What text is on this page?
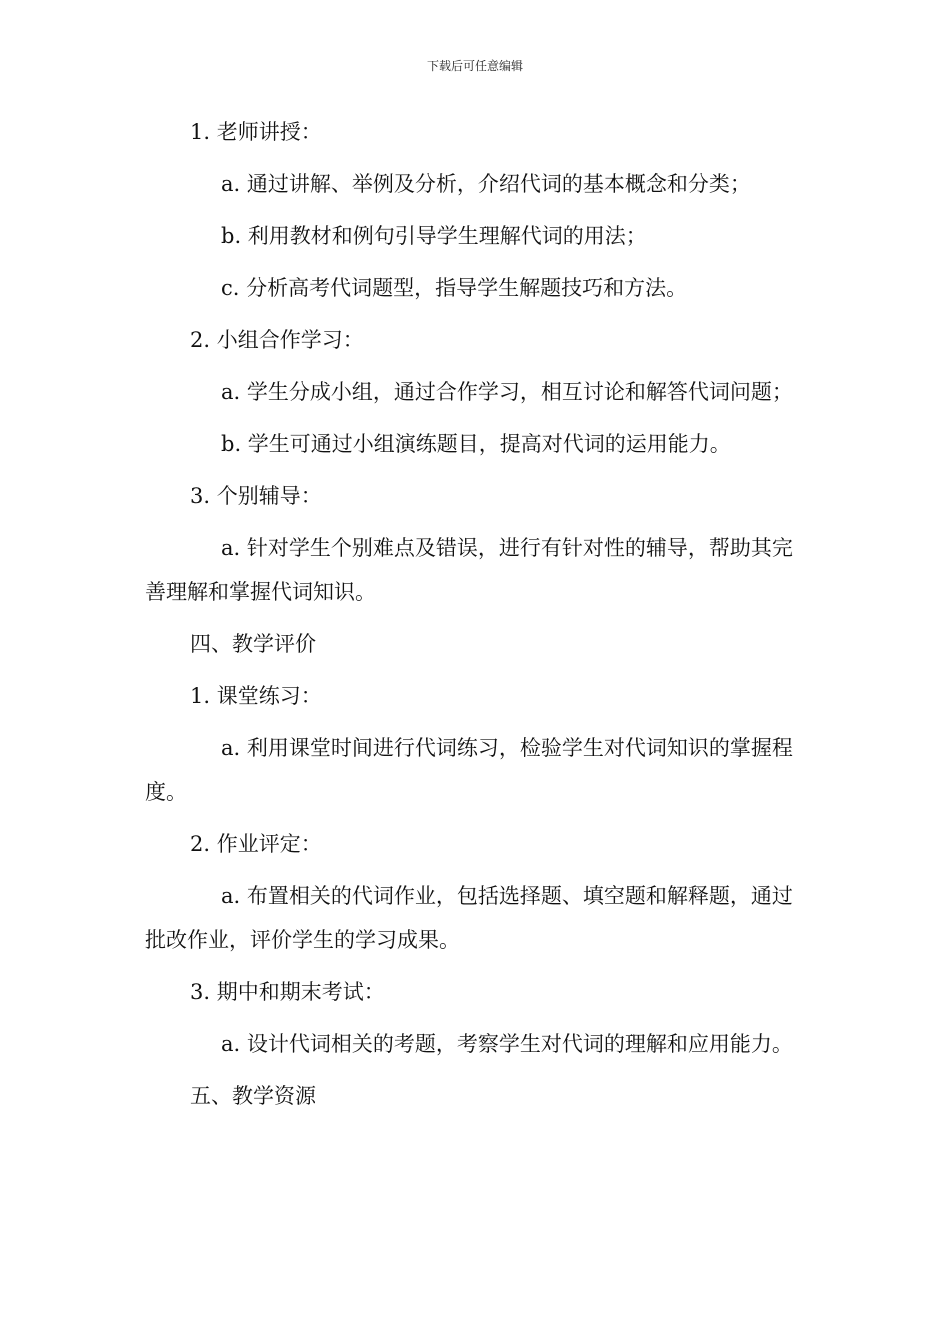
下载后可任意编辑

1. 老师讲授：

a. 通过讲解、举例及分析，介绍代词的基本概念和分类；

b. 利用教材和例句引导学生理解代词的用法；

c. 分析高考代词题型，指导学生解题技巧和方法。

2. 小组合作学习：

a. 学生分成小组，通过合作学习，相互讨论和解答代词问题；

b. 学生可通过小组演练题目，提高对代词的运用能力。

3. 个别辅导：

a. 针对学生个别难点及错误，进行有针对性的辅导，帮助其完善理解和掌握代词知识。

四、教学评价

1. 课堂练习：

a. 利用课堂时间进行代词练习，检验学生对代词知识的掌握程度。

2. 作业评定：

a. 布置相关的代词作业，包括选择题、填空题和解释题，通过批改作业，评价学生的学习成果。

3. 期中和期末考试：

a. 设计代词相关的考题，考察学生对代词的理解和应用能力。

五、教学资源
